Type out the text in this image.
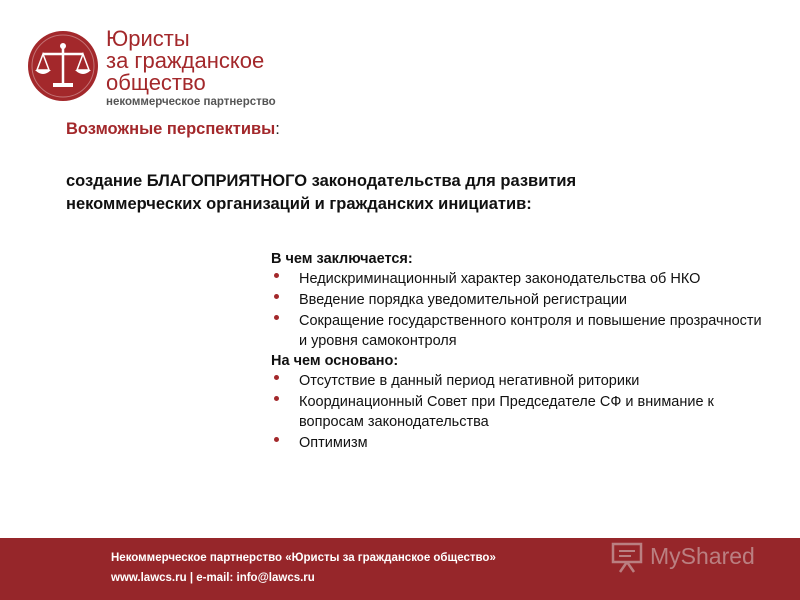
Юристы
за гражданское
общество
некоммерческое партнерство
Возможные перспективы:
создание БЛАГОПРИЯТНОГО законодательства для развития
некоммерческих организаций и гражданских инициатив:
В чем заключается:
Недискриминационный характер законодательства об НКО
Введение порядка уведомительной регистрации
Сокращение государственного контроля и повышение прозрачности и уровня самоконтроля
На чем основано:
Отсутствие в данный период негативной риторики
Координационный Совет при Председателе СФ и внимание к вопросам законодательства
Оптимизм
Некоммерческое партнерство «Юристы за гражданское общество»
www.lawcs.ru | e-mail: info@lawcs.ru
MyShared
